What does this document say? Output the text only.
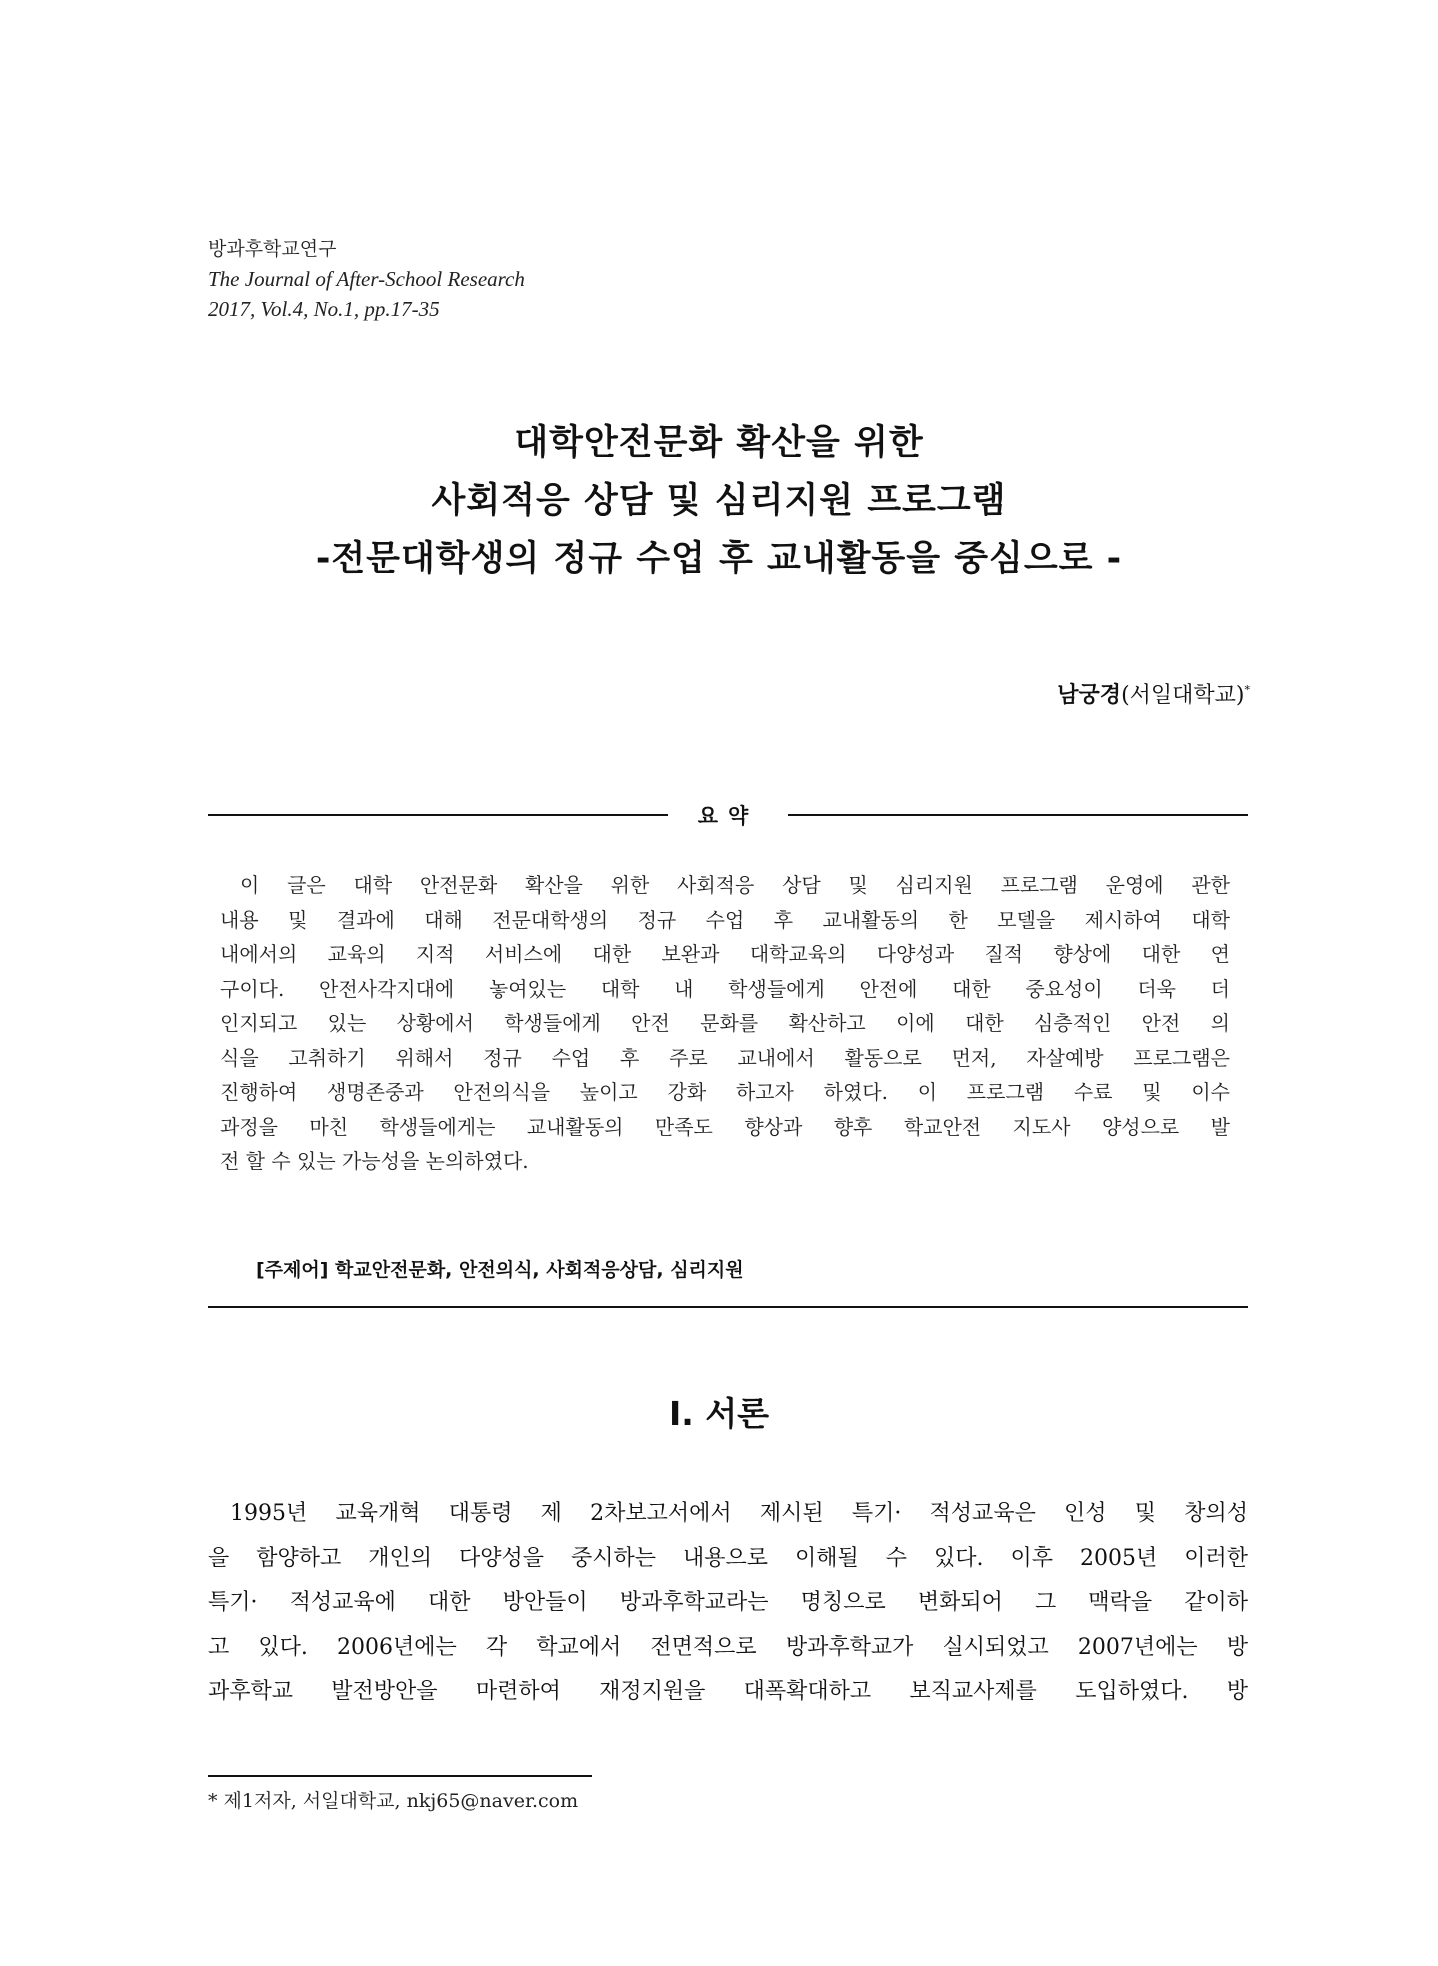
방과후학교연구
The Journal of After-School Research
2017, Vol.4, No.1, pp.17-35
대학안전문화 확산을 위한
사회적응 상담 및 심리지원 프로그램
-전문대학생의 정규 수업 후 교내활동을 중심으로 -
남궁경(서일대학교)*
요약
이 글은 대학 안전문화 확산을 위한 사회적응 상담 및 심리지원 프로그램 운영에 관한
내용 및 결과에 대해 전문대학생의 정규 수업 후 교내활동의 한 모델을 제시하여 대학
내에서의 교육의 지적 서비스에 대한 보완과 대학교육의 다양성과 질적 향상에 대한 연
구이다. 안전사각지대에 놓여있는 대학 내 학생들에게 안전에 대한 중요성이 더욱 더
인지되고 있는 상황에서 학생들에게 안전 문화를 확산하고 이에 대한 심층적인 안전 의
식을 고취하기 위해서 정규 수업 후 주로 교내에서 활동으로 먼저, 자살예방 프로그램은
진행하여 생명존중과 안전의식을 높이고 강화 하고자 하였다. 이 프로그램 수료 및 이수
과정을 마친 학생들에게는 교내활동의 만족도 향상과 향후 학교안전 지도사 양성으로 발
전 할 수 있는 가능성을 논의하였다.
[주제어] 학교안전문화, 안전의식, 사회적응상담, 심리지원
Ⅰ. 서론
1995년 교육개혁 대통령 제 2차보고서에서 제시된 특기· 적성교육은 인성 및 창의성
을 함양하고 개인의 다양성을 중시하는 내용으로 이해될 수 있다. 이후 2005년 이러한
특기· 적성교육에 대한 방안들이 방과후학교라는 명칭으로 변화되어 그 맥락을 같이하
고 있다. 2006년에는 각 학교에서 전면적으로 방과후학교가 실시되었고 2007년에는 방
과후학교 발전방안을 마련하여 재정지원을 대폭확대하고 보직교사제를 도입하였다. 방
* 제1저자, 서일대학교, nkj65@naver.com
